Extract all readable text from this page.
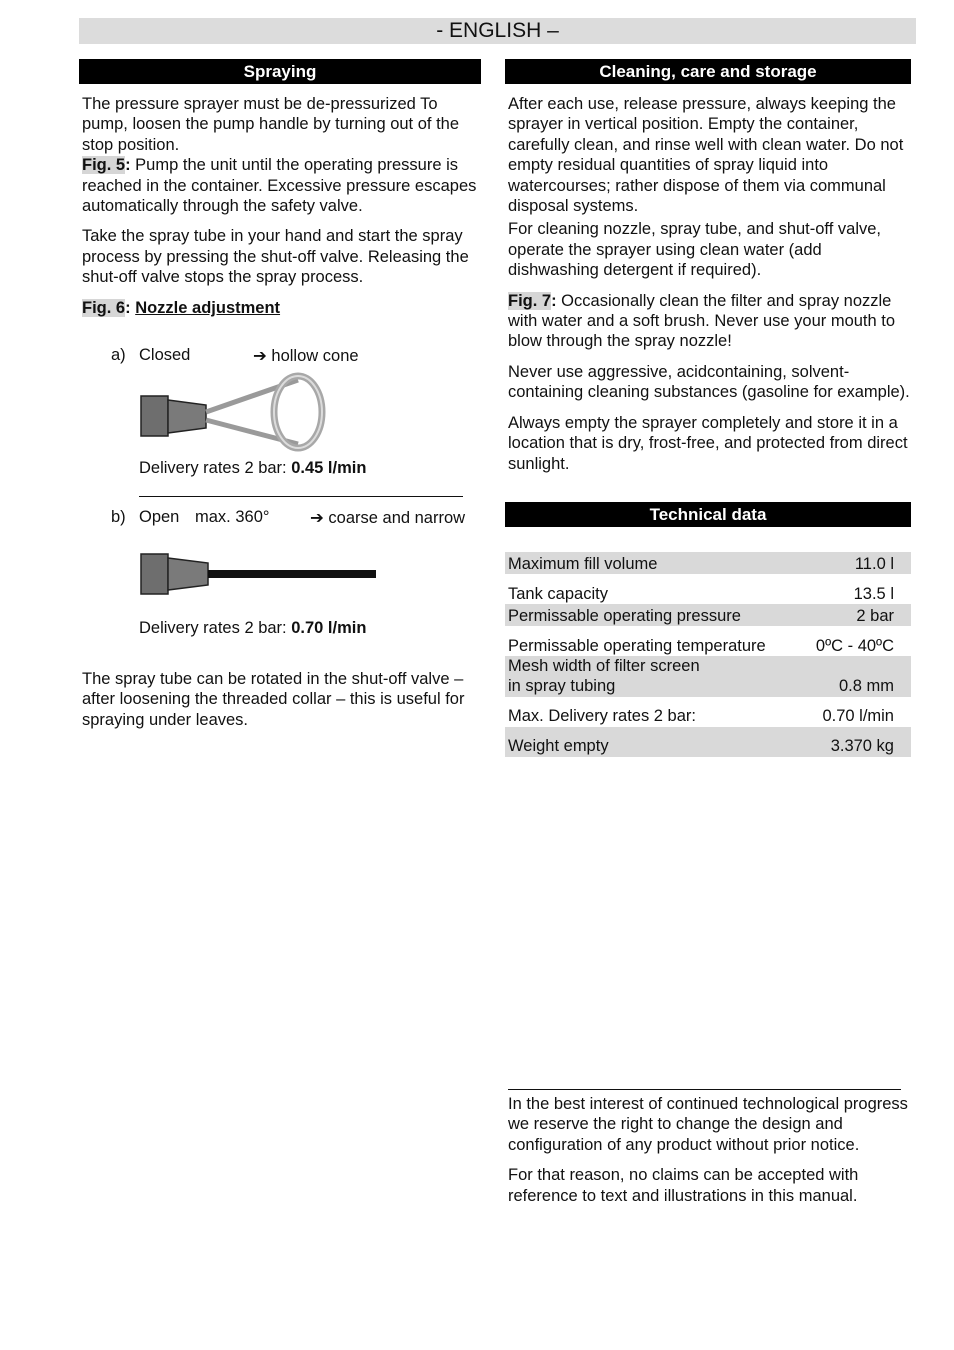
- ENGLISH –
Spraying

The pressure sprayer must be de-pressurized To pump, loosen the pump handle by turning out of the stop position.
Fig. 5: Pump the unit until the operating pressure is reached in the container. Excessive pressure escapes automatically through the safety valve.

Take the spray tube in your hand and start the spray process by pressing the shut-off valve. Releasing the shut-off valve stops the spray process.

Fig. 6: Nozzle adjustment

a) Closed	➔ hollow cone
Delivery rates 2 bar: 0.45 l/min
b) Open max. 360° ➔ coarse and narrow
Delivery rates 2 bar: 0.70 l/min

The spray tube can be rotated in the shut-off valve – after loosening the threaded collar – this is useful for spraying under leaves.

Cleaning, care and storage

After each use, release pressure, always keeping the sprayer in vertical position. Empty the container, carefully clean, and rinse well with clean water. Do not empty residual quantities of spray liquid into watercourses; rather dispose of them via communal disposal systems.

For cleaning nozzle, spray tube, and shut-off valve, operate the sprayer using clean water (add dishwashing detergent if required).

Fig. 7: Occasionally clean the filter and spray nozzle with water and a soft brush. Never use your mouth to blow through the spray nozzle!

Never use aggressive, acidcontaining, solvent-containing cleaning substances (gasoline for example).

Always empty the sprayer completely and store it in a location that is dry, frost-free, and protected from direct sunlight.

Technical data
Maximum fill volume	11.0 l
Tank capacity	13.5 l
Permissable operating pressure	2 bar
Permissable operating temperature	0ºC - 40ºC
Mesh width of filter screen
in spray tubing	0.8 mm
Max. Delivery rates 2 bar:	0.70 l/min
Weight empty	3.370 kg

In the best interest of continued technological progress we reserve the right to change the design and configuration of any product without prior notice.

For that reason, no claims can be accepted with reference to text and illustrations in this manual.
